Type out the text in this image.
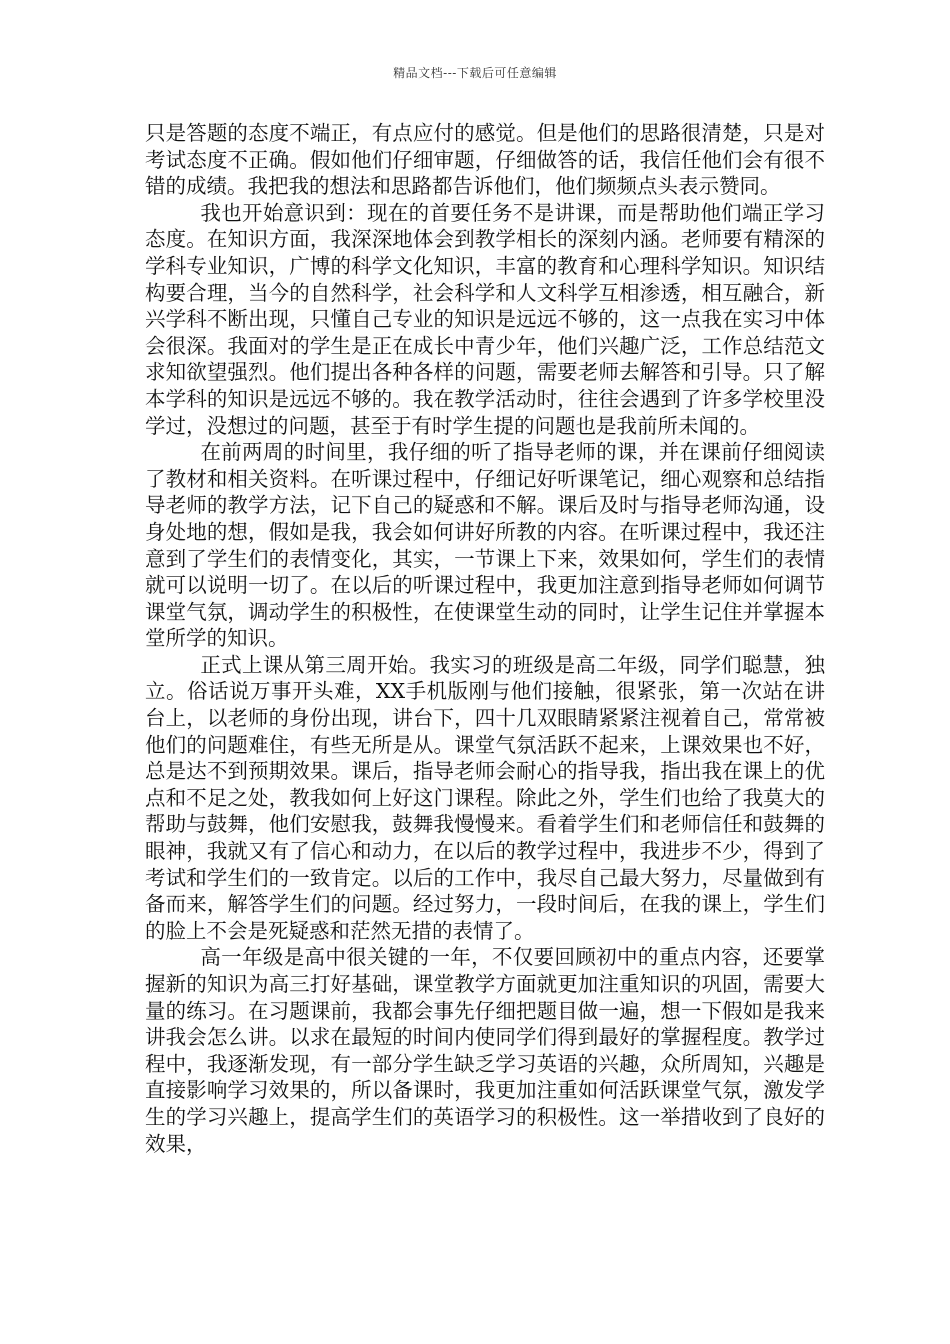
精品文档---下载后可任意编辑

只是答题的态度不端正，有点应付的感觉。但是他们的思路很清楚，只是对考试态度不正确。假如他们仔细审题，仔细做答的话，我信任他们会有很不错的成绩。我把我的想法和思路都告诉他们，他们频频点头表示赞同。

我也开始意识到：现在的首要任务不是讲课，而是帮助他们端正学习态度。在知识方面，我深深地体会到教学相长的深刻内涵。老师要有精深的学科专业知识，广博的科学文化知识，丰富的教育和心理科学知识。知识结构要合理，当今的自然科学，社会科学和人文科学互相渗透，相互融合，新兴学科不断出现，只懂自己专业的知识是远远不够的，这一点我在实习中体会很深。我面对的学生是正在成长中青少年，他们兴趣广泛，工作总结范文求知欲望强烈。他们提出各种各样的问题，需要老师去解答和引导。只了解本学科的知识是远远不够的。我在教学活动时，往往会遇到了许多学校里没学过，没想过的问题，甚至于有时学生提的问题也是我前所未闻的。

在前两周的时间里，我仔细的听了指导老师的课，并在课前仔细阅读了教材和相关资料。在听课过程中，仔细记好听课笔记，细心观察和总结指导老师的教学方法，记下自己的疑惑和不解。课后及时与指导老师沟通，设身处地的想，假如是我，我会如何讲好所教的内容。在听课过程中，我还注意到了学生们的表情变化，其实，一节课上下来，效果如何，学生们的表情就可以说明一切了。在以后的听课过程中，我更加注意到指导老师如何调节课堂气氛，调动学生的积极性，在使课堂生动的同时，让学生记住并掌握本堂所学的知识。

正式上课从第三周开始。我实习的班级是高二年级，同学们聪慧，独立。俗话说万事开头难，XX手机版刚与他们接触，很紧张，第一次站在讲台上，以老师的身份出现，讲台下，四十几双眼睛紧紧注视着自己，常常被他们的问题难住，有些无所是从。课堂气氛活跃不起来，上课效果也不好，总是达不到预期效果。课后，指导老师会耐心的指导我，指出我在课上的优点和不足之处，教我如何上好这门课程。除此之外，学生们也给了我莫大的帮助与鼓舞，他们安慰我，鼓舞我慢慢来。看着学生们和老师信任和鼓舞的眼神，我就又有了信心和动力，在以后的教学过程中，我进步不少，得到了考试和学生们的一致肯定。以后的工作中，我尽自己最大努力，尽量做到有备而来，解答学生们的问题。经过努力，一段时间后，在我的课上，学生们的脸上不会是死疑惑和茫然无措的表情了。

高一年级是高中很关键的一年，不仅要回顾初中的重点内容，还要掌握新的知识为高三打好基础，课堂教学方面就更加注重知识的巩固，需要大量的练习。在习题课前，我都会事先仔细把题目做一遍，想一下假如是我来讲我会怎么讲。以求在最短的时间内使同学们得到最好的掌握程度。教学过程中，我逐渐发现，有一部分学生缺乏学习英语的兴趣，众所周知，兴趣是直接影响学习效果的，所以备课时，我更加注重如何活跃课堂气氛，激发学生的学习兴趣上，提高学生们的英语学习的积极性。这一举措收到了良好的效果，
